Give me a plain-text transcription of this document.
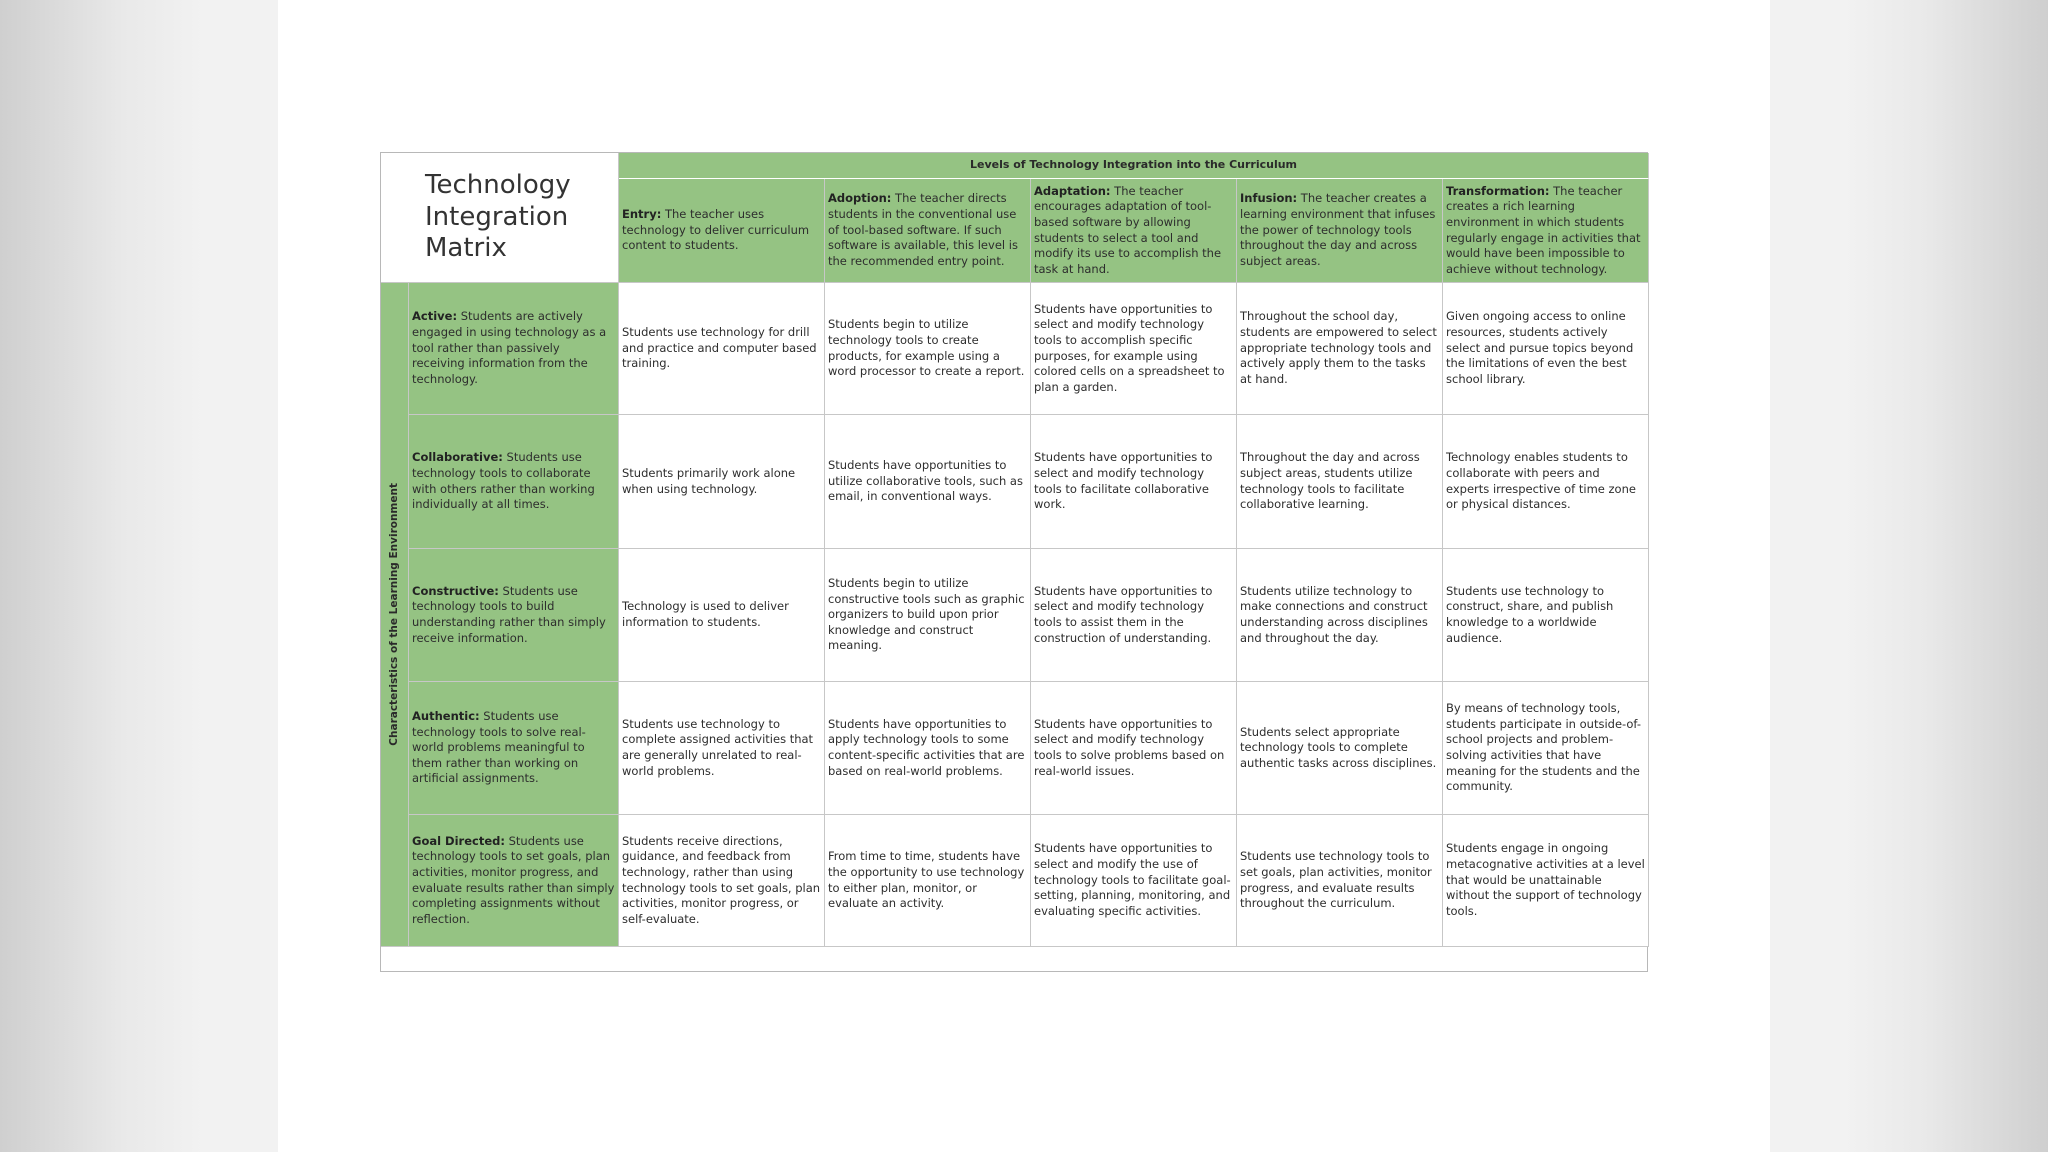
Technology
Integration
Matrix
Levels of Technology Integration into the Curriculum
Entry: The teacher uses technology to deliver curriculum content to students.
Adoption: The teacher directs students in the conventional use of tool-based software. If such software is available, this level is the recommended entry point.
Adaptation: The teacher encourages adaptation of tool-based software by allowing students to select a tool and modify its use to accomplish the task at hand.
Infusion: The teacher creates a learning environment that infuses the power of technology tools throughout the day and across subject areas.
Transformation: The teacher creates a rich learning environment in which students regularly engage in activities that would have been impossible to achieve without technology.
Characteristics of the Learning Environment
Active: Students are actively engaged in using technology as a tool rather than passively receiving information from the technology.
Students use technology for drill and practice and computer based training.
Students begin to utilize technology tools to create products, for example using a word processor to create a report.
Students have opportunities to select and modify technology tools to accomplish specific purposes, for example using colored cells on a spreadsheet to plan a garden.
Throughout the school day, students are empowered to select appropriate technology tools and actively apply them to the tasks at hand.
Given ongoing access to online resources, students actively select and pursue topics beyond the limitations of even the best school library.
Collaborative: Students use technology tools to collaborate with others rather than working individually at all times.
Students primarily work alone when using technology.
Students have opportunities to utilize collaborative tools, such as email, in conventional ways.
Students have opportunities to select and modify technology tools to facilitate collaborative work.
Throughout the day and across subject areas, students utilize technology tools to facilitate collaborative learning.
Technology enables students to collaborate with peers and experts irrespective of time zone or physical distances.
Constructive: Students use technology tools to build understanding rather than simply receive information.
Technology is used to deliver information to students.
Students begin to utilize constructive tools such as graphic organizers to build upon prior knowledge and construct meaning.
Students have opportunities to select and modify technology tools to assist them in the construction of understanding.
Students utilize technology to make connections and construct understanding across disciplines and throughout the day.
Students use technology to construct, share, and publish knowledge to a worldwide audience.
Authentic: Students use technology tools to solve real-world problems meaningful to them rather than working on artificial assignments.
Students use technology to complete assigned activities that are generally unrelated to real-world problems.
Students have opportunities to apply technology tools to some content-specific activities that are based on real-world problems.
Students have opportunities to select and modify technology tools to solve problems based on real-world issues.
Students select appropriate technology tools to complete authentic tasks across disciplines.
By means of technology tools, students participate in outside-of-school projects and problem-solving activities that have meaning for the students and the community.
Goal Directed: Students use technology tools to set goals, plan activities, monitor progress, and evaluate results rather than simply completing assignments without reflection.
Students receive directions, guidance, and feedback from technology, rather than using technology tools to set goals, plan activities, monitor progress, or self-evaluate.
From time to time, students have the opportunity to use technology to either plan, monitor, or evaluate an activity.
Students have opportunities to select and modify the use of technology tools to facilitate goal-setting, planning, monitoring, and evaluating specific activities.
Students use technology tools to set goals, plan activities, monitor progress, and evaluate results throughout the curriculum.
Students engage in ongoing metacognative activities at a level that would be unattainable without the support of technology tools.
